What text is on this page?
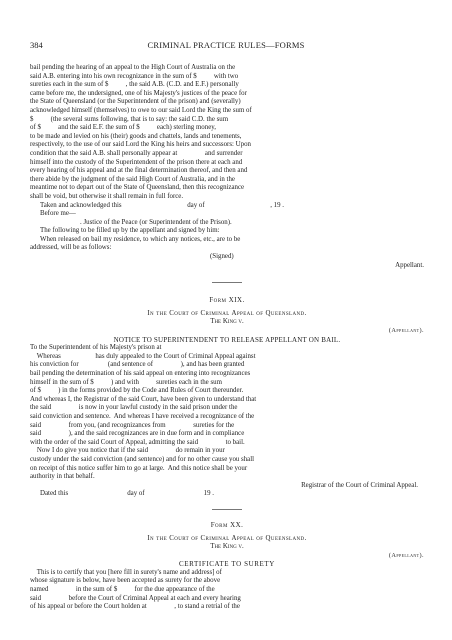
384	CRIMINAL PRACTICE RULES—FORMS
bail pending the hearing of an appeal to the High Court of Australia on the
said A.B. entering into his own recognizance in the sum of $          with two
sureties each in the sum of $          , the said A.B. (C.D. and E.F.) personally
came before me, the undersigned, one of his Majesty's justices of the peace for
the State of Queensland (or the Superintendent of the prison) and (severally)
acknowledged himself (themselves) to owe to our said Lord the King the sum of
$          (the several sums following, that is to say: the said C.D. the sum
of $          and the said E.F. the sum of $          each) sterling money,
to be made and levied on his (their) goods and chattels, lands and tenements,
respectively, to the use of our said Lord the King his heirs and successors: Upon
condition that the said A.B. shall personally appear at                and surrender
himself into the custody of the Superintendent of the prison there at each and
every hearing of his appeal and at the final determination thereof, and then and
there abide by the judgment of the said High Court of Australia, and in the
meantime not to depart out of the State of Queensland, then this recognizance
shall be void, but otherwise it shall remain in full force.
Taken and acknowledged this	day of	, 19 .
Before me—
. Justice of the Peace (or Superintendent of the Prison).
The following to be filled up by the appellant and signed by him:
When released on bail my residence, to which any notices, etc., are to be
addressed, will be as follows:
(Signed)
Appellant.
Form XIX.
In the Court of Criminal Appeal of Queensland.
The King v.
(Appellant).
NOTICE TO SUPERINTENDENT TO RELEASE APPELLANT ON BAIL.
To the Superintendent of his Majesty's prison at
Whereas                    has duly appealed to the Court of Criminal Appeal against
his conviction for                 (and sentence of                ), and has been granted
bail pending the determination of his said appeal on entering into recognizances
himself in the sum of $          ) and with          sureties each in the sum
of $          ) in the forms provided by the Code and Rules of Court thereunder.
And whereas I, the Registrar of the said Court, have been given to understand that
the said                is now in your lawful custody in the said prison under the
said conviction and sentence.  And whereas I have received a recognizance of the
said                from you, (and recognizances from                sureties for the
said                ), and the said recognizances are in due form and in compliance
with the order of the said Court of Appeal, admitting the said                to bail.
Now I do give you notice that if the said                do remain in your
custody under the said conviction (and sentence) and for no other cause you shall
on receipt of this notice suffer him to go at large.  And this notice shall be your
authority in that behalf.
Registrar of the Court of Criminal Appeal.
Dated this	day of	19 .
Form XX.
In the Court of Criminal Appeal of Queensland.
The King v.
(Appellant).
CERTIFICATE TO SURETY
This is to certify that you [here fill in surety's name and address] of
whose signature is below, have been accepted as surety for the above
named                in the sum of $          for the due appearance of the
said                before the Court of Criminal Appeal at each and every hearing
of his appeal or before the Court holden at                , to stand a retrial of the
